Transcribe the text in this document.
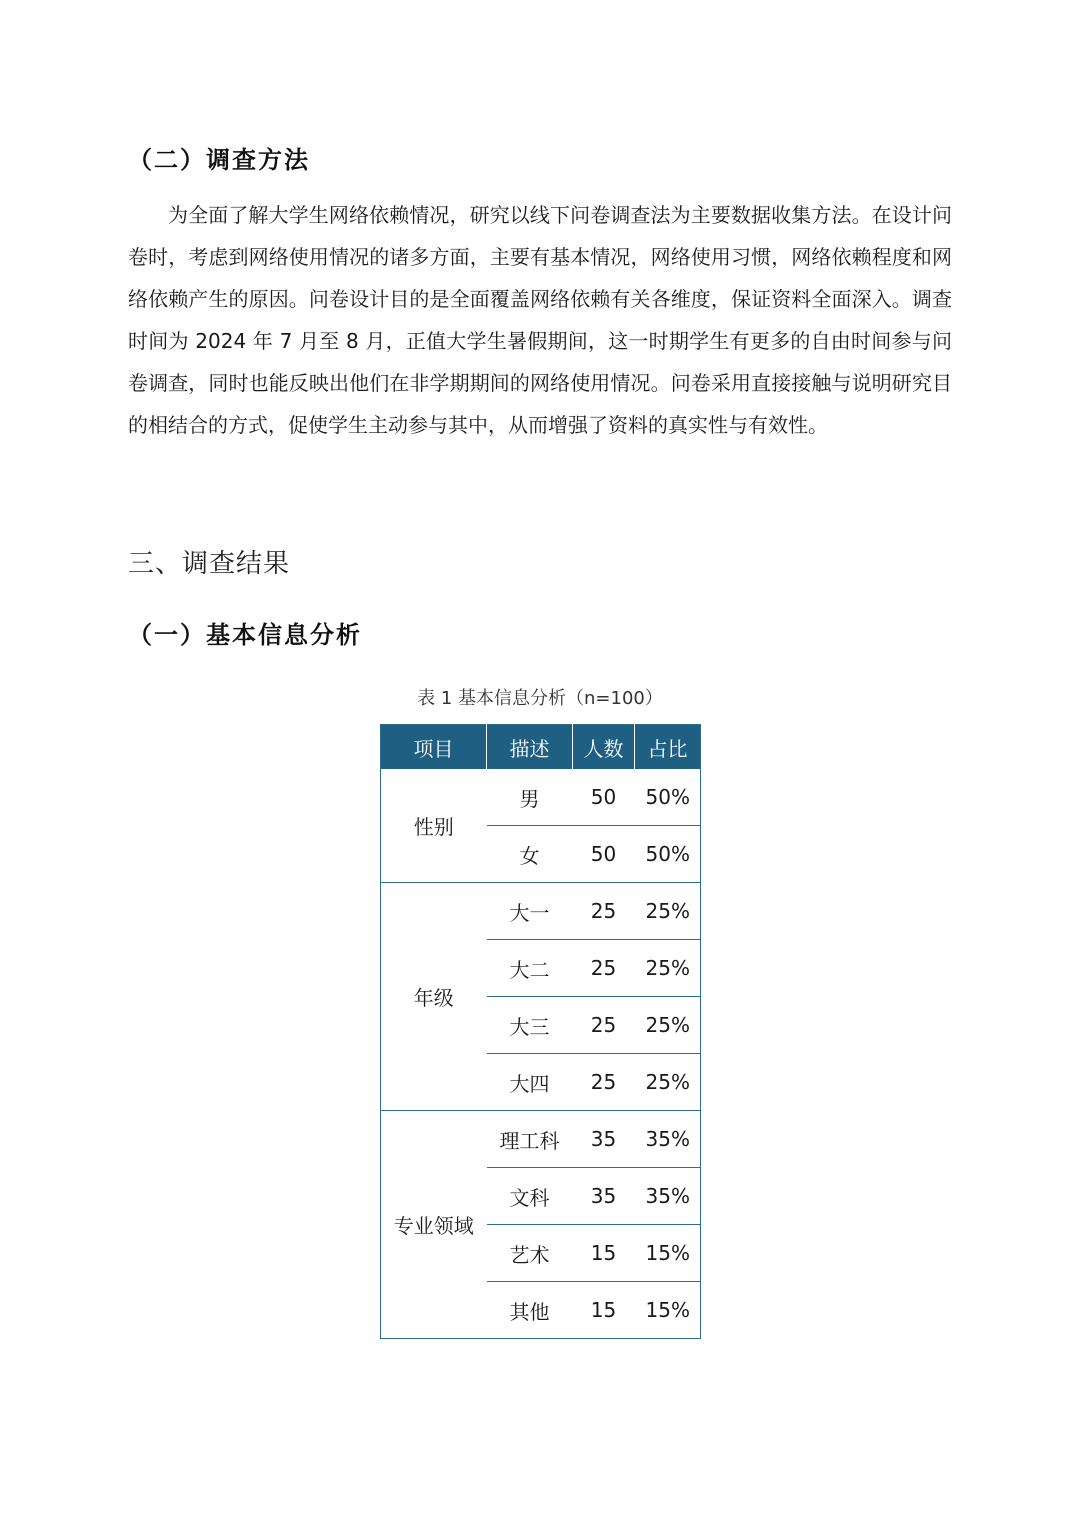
（二）调查方法

为全面了解大学生网络依赖情况，研究以线下问卷调查法为主要数据收集方法。在设计问卷时，考虑到网络使用情况的诸多方面，主要有基本情况，网络使用习惯，网络依赖程度和网络依赖产生的原因。问卷设计目的是全面覆盖网络依赖有关各维度，保证资料全面深入。调查时间为 2024 年 7 月至 8 月，正值大学生暑假期间，这一时期学生有更多的自由时间参与问卷调查，同时也能反映出他们在非学期期间的网络使用情况。问卷采用直接接触与说明研究目的相结合的方式，促使学生主动参与其中，从而增强了资料的真实性与有效性。

三、调查结果
（一）基本信息分析

表 1 基本信息分析（n=100）

项目	描述	人数	占比
性别	男	50	50%
	女	50	50%
年级	大一	25	25%
	大二	25	25%
	大三	25	25%
	大四	25	25%
专业领域	理工科	35	35%
	文科	35	35%
	艺术	15	15%
	其他	15	15%
